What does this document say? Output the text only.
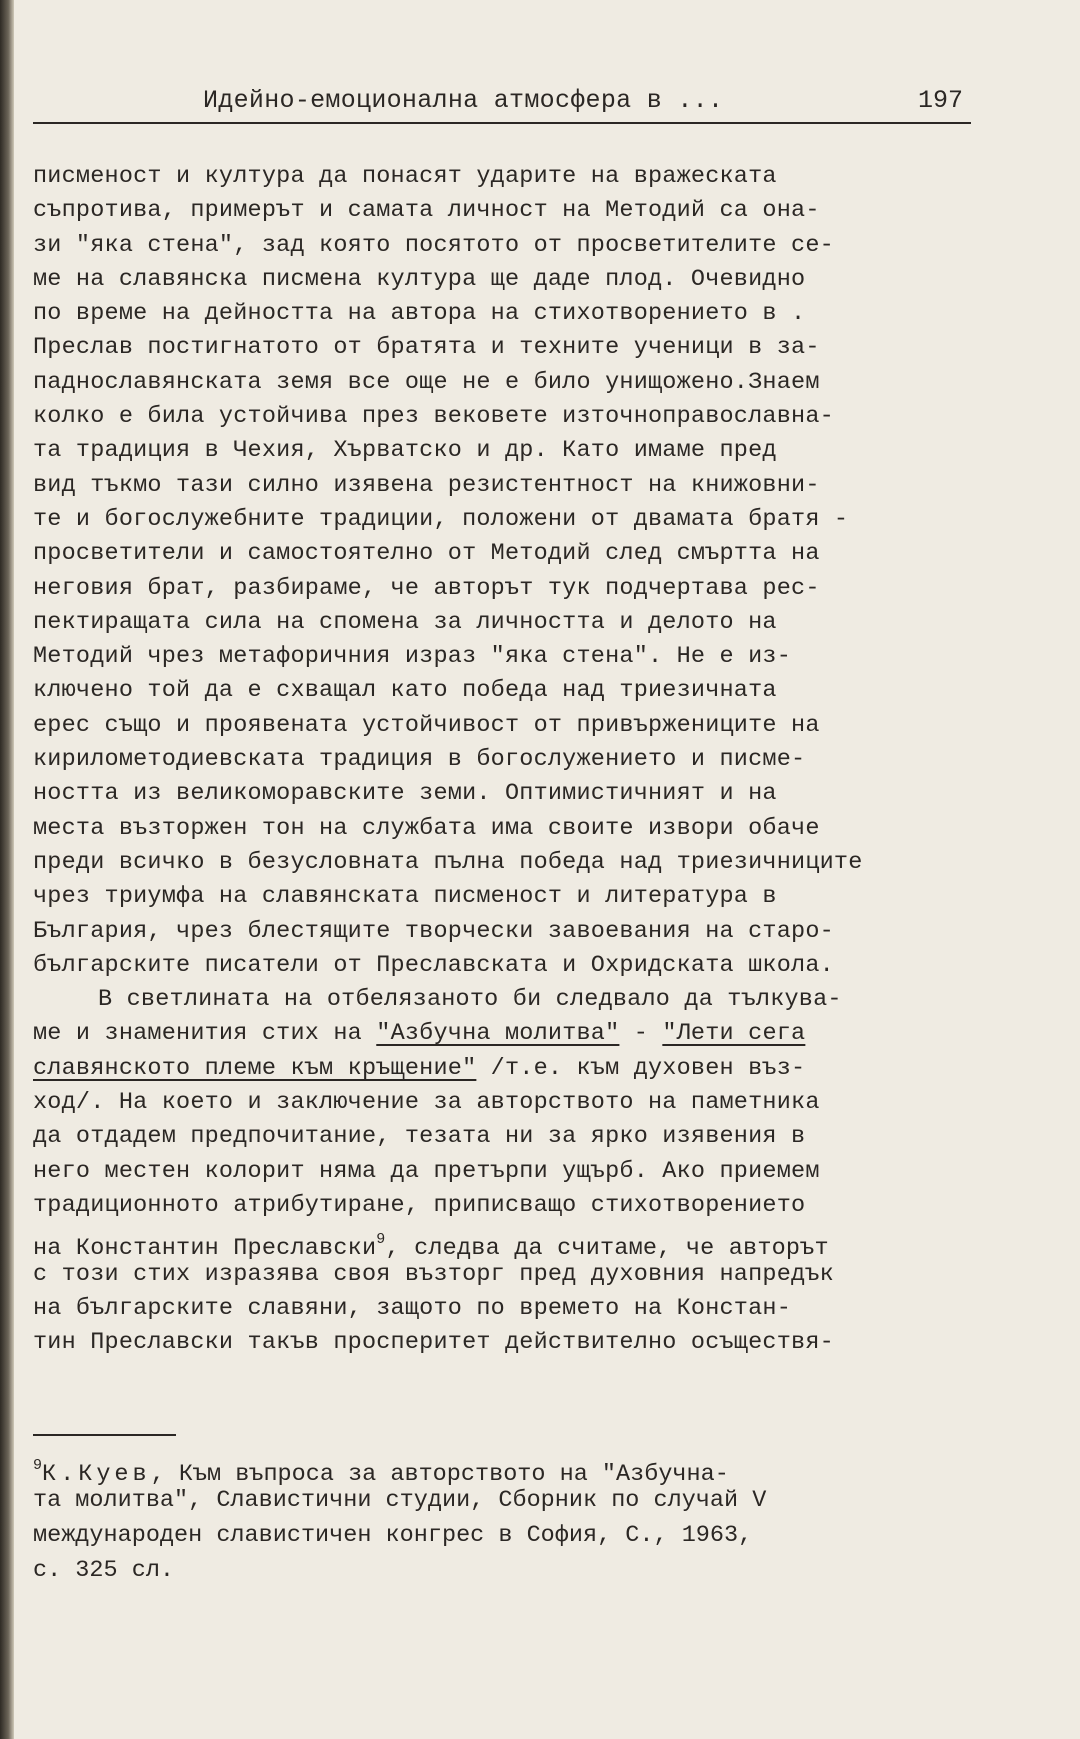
Идейно-емоционална атмосфера в ...	197
писменост и култура да понасят ударите на вражеската
съпротива, примерът и самата личност на Методий са она-
зи "яка стена", зад която посятото от просветителите се-
ме на славянска писмена култура ще даде плод. Очевидно
по време на дейността на автора на стихотворението в .
Преслав постигнатото от братята и техните ученици в за-
паднославянската земя все още не е било унищожено.Знаем
колко е била устойчива през вековете източноправославна-
та традиция в Чехия, Хърватско и др. Като имаме пред
вид тъкмо тази силно изявена резистентност на книжовни-
те и богослужебните традиции, положени от двамата братя -
просветители и самостоятелно от Методий след смъртта на
неговия брат, разбираме, че авторът тук подчертава рес-
пектиращата сила на спомена за личността и делото на
Методий чрез метафоричния израз "яка стена". Не е из-
ключено той да е схващал като победа над триезичната
ерес също и проявената устойчивост от привържениците на
кирилометодиевската традиция в богослужението и писме-
ността из великоморавските земи. Оптимистичният и на
места възторжен тон на службата има своите извори обаче
преди всичко в безусловната пълна победа над триезичниците
чрез триумфа на славянската писменост и литература в
България, чрез блестящите творчески завоевания на старо-
българските писатели от Преславската и Охридската школа.
В светлината на отбелязаното би следвало да тълкува-
ме и знаменития стих на "Азбучна молитва" - "Лети сега
славянското племе към кръщение" /т.е. към духовен въз-
ход/. На което и заключение за авторството на паметника
да отдадем предпочитание, тезата ни за ярко изявения в
него местен колорит няма да претърпи ущърб. Ако приемем
традиционното атрибутиране, приписващо стихотворението
на Константин Преславски$^9$, следва да считаме, че авторът
с този стих изразява своя възторг пред духовния напредък
на българските славяни, защото по времето на Констан-
тин Преславски такъв просперитет действително осъществя-
$^9$К.Куев, Към въпроса за авторството на "Азбучна-
та молитва", Славистични студии, Сборник по случай V
международен славистичен конгрес в София, С., 1963,
с. 325 сл.
